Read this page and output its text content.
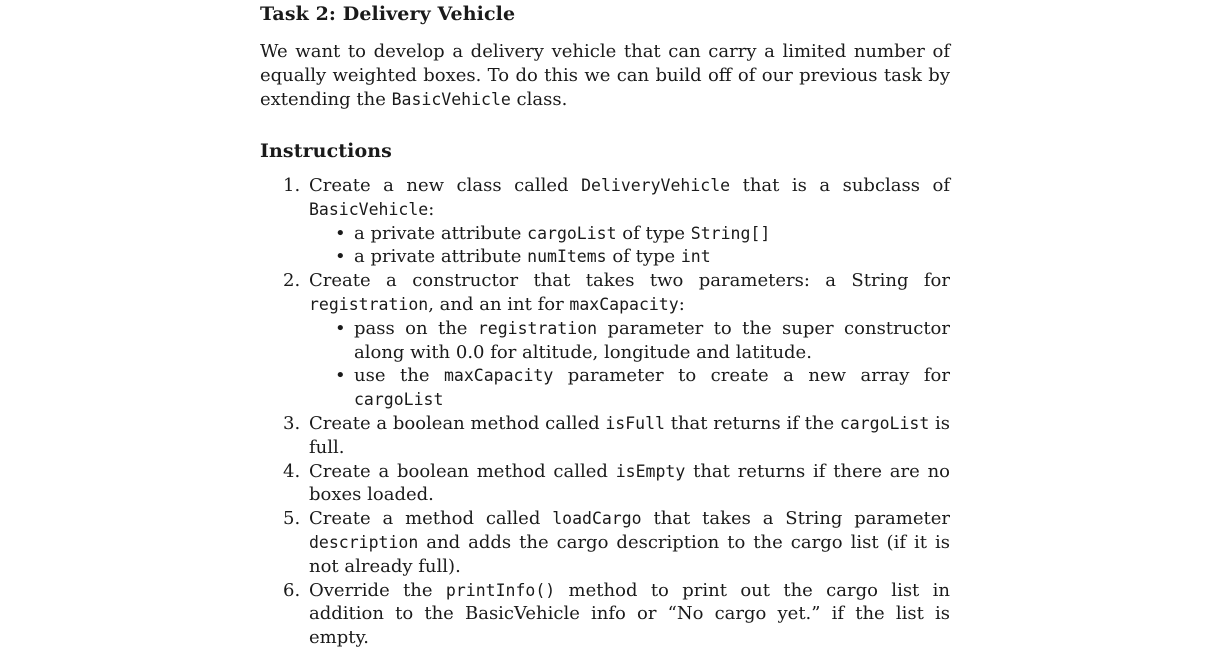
Task 2: Delivery Vehicle
We want to develop a delivery vehicle that can carry a limited number of equally weighted boxes. To do this we can build off of our previous task by extending the BasicVehicle class.
Instructions
1. Create a new class called DeliveryVehicle that is a subclass of
BasicVehicle:
• a private attribute cargoList of type String[]
• a private attribute numItems of type int
2. Create a constructor that takes two parameters: a String for registration, and an int for maxCapacity:
• pass on the registration parameter to the super constructor along with 0.0 for altitude, longitude and latitude.
• use the maxCapacity parameter to create a new array for cargoList
3. Create a boolean method called isFull that returns if the cargoList is full.
4. Create a boolean method called isEmpty that returns if there are no boxes loaded.
5. Create a method called loadCargo that takes a String parameter description and adds the cargo description to the cargo list (if it is not already full).
6. Override the printInfo() method to print out the cargo list in addition to the BasicVehicle info or “No cargo yet.” if the list is empty.
